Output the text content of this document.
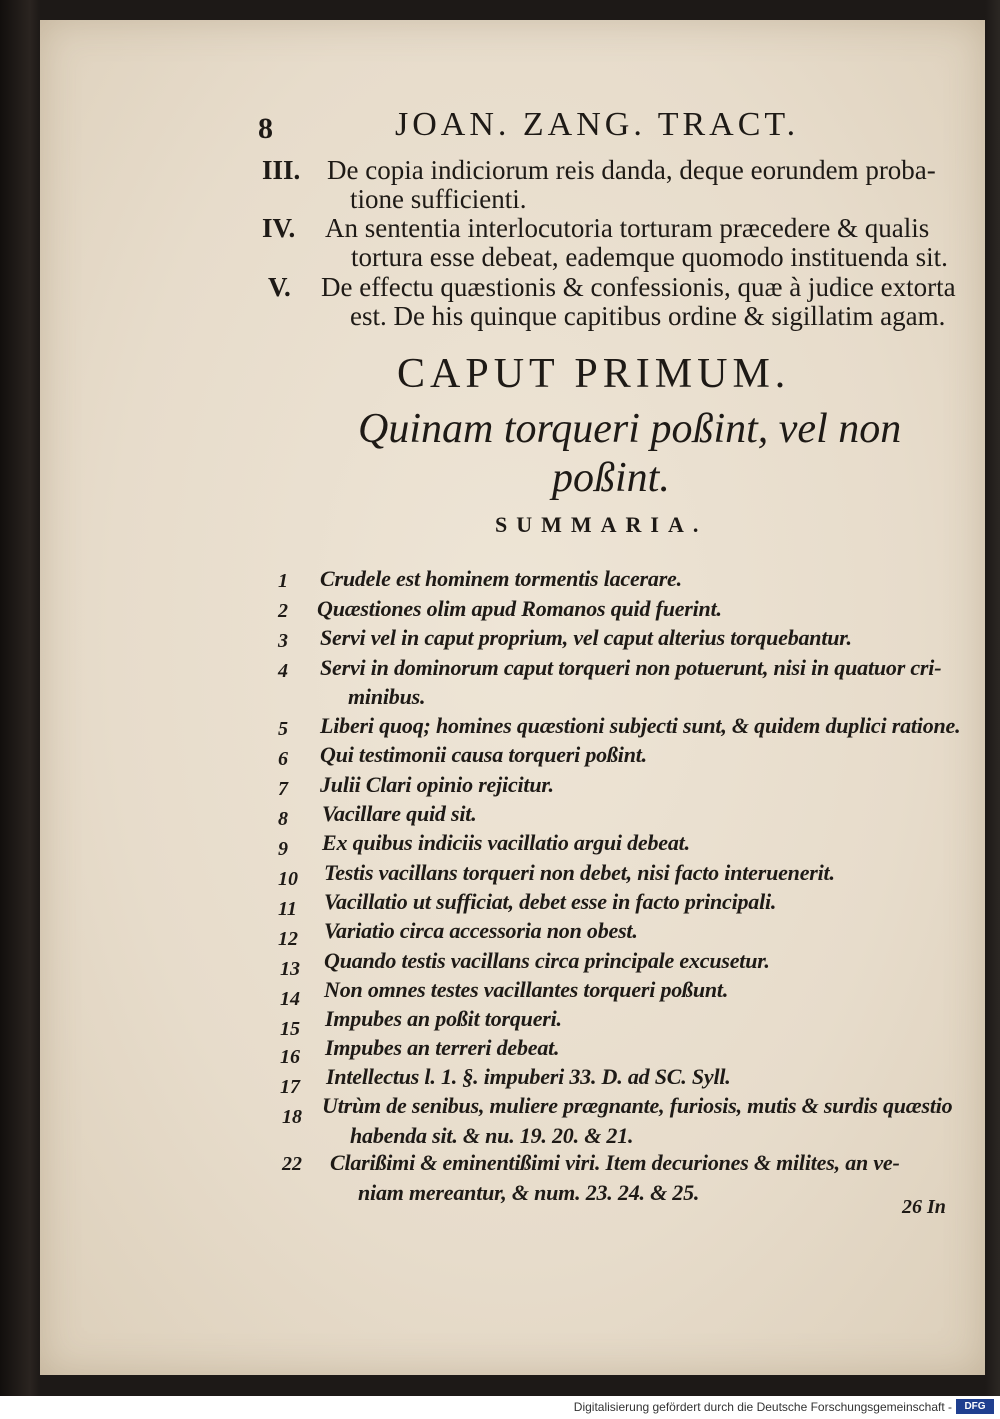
8	JOAN. ZANG. TRACT.
III. De copia indiciorum reis danda, deque eorundem proba-
tione sufficienti.
IV. An sententia interlocutoria torturam præcedere & qualis
tortura esse debeat, eademque quomodo instituenda sit.
V. De effectu quæstionis & confessionis, quæ à judice extorta
est. De his quinque capitibus ordine & sigillatim agam.
CAPUT PRIMUM.
Quinam torqueri poßint, vel non
poßint.
SUMMARIA.
1 Crudele est hominem tormentis lacerare.
2 Quæstiones olim apud Romanos quid fuerint.
3 Servi vel in caput proprium, vel caput alterius torquebantur.
4 Servi in dominorum caput torqueri non potuerunt, nisi in quatuor cri-
minibus.
5 Liberi quoq; homines quæstioni subjecti sunt, & quidem duplici ratione.
6 Qui testimonii causa torqueri poßint.
7 Julii Clari opinio rejicitur.
8 Vacillare quid sit.
9 Ex quibus indiciis vacillatio argui debeat.
10 Testis vacillans torqueri non debet, nisi facto interuenerit.
11 Vacillatio ut sufficiat, debet esse in facto principali.
12 Variatio circa accessoria non obest.
13 Quando testis vacillans circa principale excusetur.
14 Non omnes testes vacillantes torqueri poßunt.
15 Impubes an poßit torqueri.
16 Impubes an terreri debeat.
17 Intellectus l. 1. §. impuberi 33. D. ad SC. Syll.
18 Utrùm de senibus, muliere prægnante, furiosis, mutis & surdis quæstio
habenda sit. & nu. 19. 20. & 21.
22 Clarißimi & eminentißimi viri. Item decuriones & milites, an ve-
niam mereantur, & num. 23. 24. & 25.
26 In
Digitalisierung gefördert durch die Deutsche Forschungsgemeinschaft -	DFG
